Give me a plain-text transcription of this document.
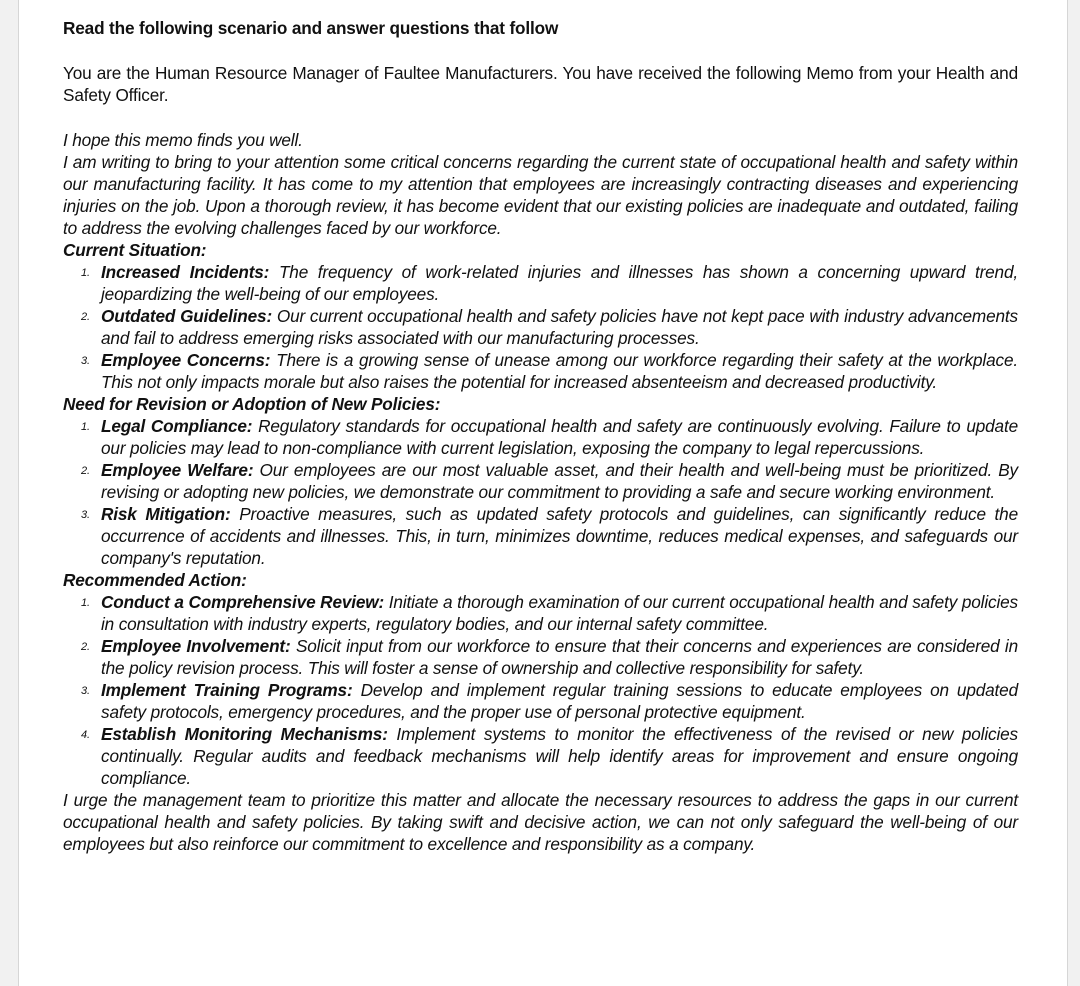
Read the following scenario and answer questions that follow

You are the Human Resource Manager of Faultee Manufacturers. You have received the following Memo from your Health and Safety Officer.

I hope this memo finds you well.

I am writing to bring to your attention some critical concerns regarding the current state of occupational health and safety within our manufacturing facility. It has come to my attention that employees are increasingly contracting diseases and experiencing injuries on the job. Upon a thorough review, it has become evident that our existing policies are inadequate and outdated, failing to address the evolving challenges faced by our workforce.

Current Situation:

1. Increased Incidents: The frequency of work-related injuries and illnesses has shown a concerning upward trend, jeopardizing the well-being of our employees.
2. Outdated Guidelines: Our current occupational health and safety policies have not kept pace with industry advancements and fail to address emerging risks associated with our manufacturing processes.
3. Employee Concerns: There is a growing sense of unease among our workforce regarding their safety at the workplace. This not only impacts morale but also raises the potential for increased absenteeism and decreased productivity.

Need for Revision or Adoption of New Policies:

1. Legal Compliance: Regulatory standards for occupational health and safety are continuously evolving. Failure to update our policies may lead to non-compliance with current legislation, exposing the company to legal repercussions.
2. Employee Welfare: Our employees are our most valuable asset, and their health and well-being must be prioritized. By revising or adopting new policies, we demonstrate our commitment to providing a safe and secure working environment.
3. Risk Mitigation: Proactive measures, such as updated safety protocols and guidelines, can significantly reduce the occurrence of accidents and illnesses. This, in turn, minimizes downtime, reduces medical expenses, and safeguards our company's reputation.

Recommended Action:

1. Conduct a Comprehensive Review: Initiate a thorough examination of our current occupational health and safety policies in consultation with industry experts, regulatory bodies, and our internal safety committee.
2. Employee Involvement: Solicit input from our workforce to ensure that their concerns and experiences are considered in the policy revision process. This will foster a sense of ownership and collective responsibility for safety.
3. Implement Training Programs: Develop and implement regular training sessions to educate employees on updated safety protocols, emergency procedures, and the proper use of personal protective equipment.
4. Establish Monitoring Mechanisms: Implement systems to monitor the effectiveness of the revised or new policies continually. Regular audits and feedback mechanisms will help identify areas for improvement and ensure ongoing compliance.

I urge the management team to prioritize this matter and allocate the necessary resources to address the gaps in our current occupational health and safety policies. By taking swift and decisive action, we can not only safeguard the well-being of our employees but also reinforce our commitment to excellence and responsibility as a company.
